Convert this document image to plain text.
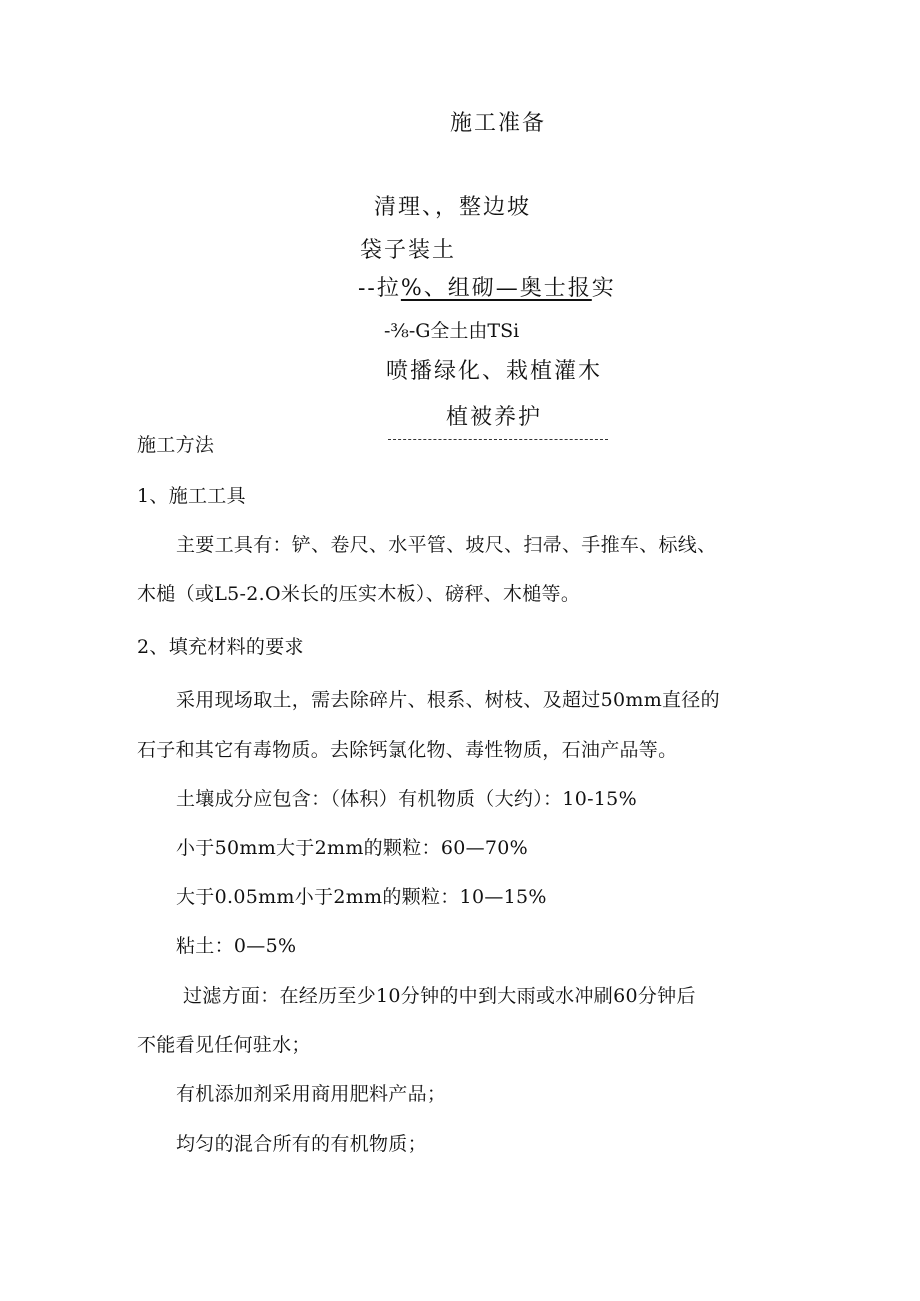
施工准备
清理、，整边坡
袋子装土
--拉%、组砌—奥士报实
-⅜-G全土由TSi
喷播绿化、栽植灌木
植被养护
施工方法
1、施工工具
主要工具有：铲、卷尺、水平管、坡尺、扫帚、手推车、标线、
木槌（或L5-2.O米长的压实木板）、磅秤、木槌等。
2、填充材料的要求
采用现场取土，需去除碎片、根系、树枝、及超过50mm直径的
石子和其它有毒物质。去除钙氯化物、毒性物质，石油产品等。
土壤成分应包含：（体积）有机物质（大约）：10-15%
小于50mm大于2mm的颗粒：60—70%
大于0.05mm小于2mm的颗粒：10—15%
粘土：0—5%
过滤方面：在经历至少10分钟的中到大雨或水冲刷60分钟后
不能看见任何驻水；
有机添加剂采用商用肥料产品；
均匀的混合所有的有机物质；
